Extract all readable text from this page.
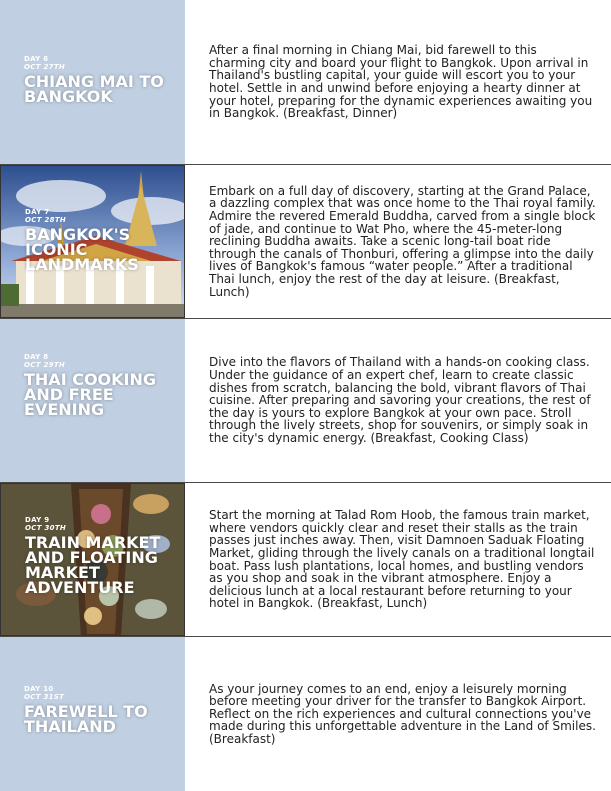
DAY 6
OCT 27TH
CHIANG MAI TO BANGKOK

After a final morning in Chiang Mai, bid farewell to this charming city and board your flight to Bangkok. Upon arrival in Thailand's bustling capital, your guide will escort you to your hotel. Settle in and unwind before enjoying a hearty dinner at your hotel, preparing for the dynamic experiences awaiting you in Bangkok. (Breakfast, Dinner)

DAY 7
OCT 28TH
BANGKOK'S ICONIC LANDMARKS

Embark on a full day of discovery, starting at the Grand Palace, a dazzling complex that was once home to the Thai royal family. Admire the revered Emerald Buddha, carved from a single block of jade, and continue to Wat Pho, where the 45-meter-long reclining Buddha awaits. Take a scenic long-tail boat ride through the canals of Thonburi, offering a glimpse into the daily lives of Bangkok's famous “water people.” After a traditional Thai lunch, enjoy the rest of the day at leisure. (Breakfast, Lunch)

DAY 8
OCT 29TH
THAI COOKING AND FREE EVENING

Dive into the flavors of Thailand with a hands-on cooking class. Under the guidance of an expert chef, learn to create classic dishes from scratch, balancing the bold, vibrant flavors of Thai cuisine. After preparing and savoring your creations, the rest of the day is yours to explore Bangkok at your own pace. Stroll through the lively streets, shop for souvenirs, or simply soak in the city's dynamic energy. (Breakfast, Cooking Class)

DAY 9
OCT 30TH
TRAIN MARKET AND FLOATING MARKET ADVENTURE

Start the morning at Talad Rom Hoob, the famous train market, where vendors quickly clear and reset their stalls as the train passes just inches away. Then, visit Damnoen Saduak Floating Market, gliding through the lively canals on a traditional longtail boat. Pass lush plantations, local homes, and bustling vendors as you shop and soak in the vibrant atmosphere. Enjoy a delicious lunch at a local restaurant before returning to your hotel in Bangkok. (Breakfast, Lunch)

DAY 10
OCT 31ST
FAREWELL TO THAILAND

As your journey comes to an end, enjoy a leisurely morning before meeting your driver for the transfer to Bangkok Airport. Reflect on the rich experiences and cultural connections you've made during this unforgettable adventure in the Land of Smiles. (Breakfast)
